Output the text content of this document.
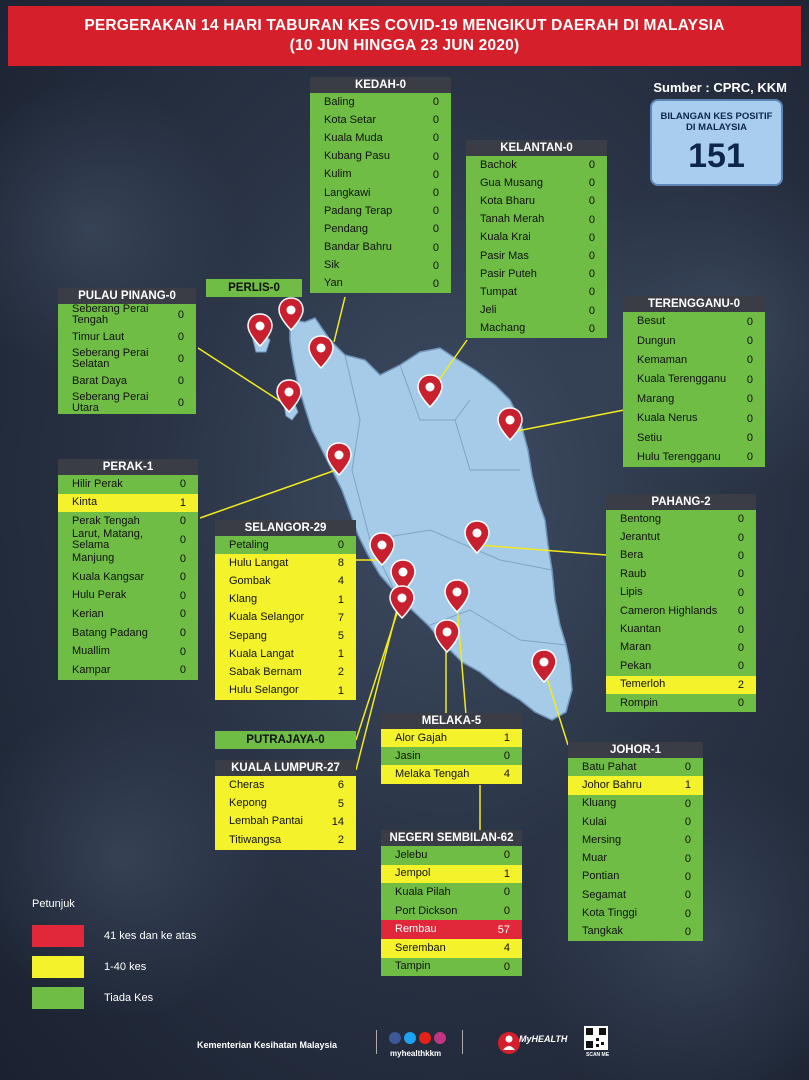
PERGERAKAN 14 HARI TABURAN KES COVID-19 MENGIKUT DAERAH DI MALAYSIA
(10 JUN HINGGA 23 JUN 2020)
Sumber : CPRC, KKM
BILANGAN KES POSITIF DI MALAYSIA
151
KEDAH-0
Baling	0
Kota Setar	0
Kuala Muda	0
Kubang Pasu	0
Kulim	0
Langkawi	0
Padang Terap	0
Pendang	0
Bandar Bahru	0
Sik	0
Yan	0
KELANTAN-0
Bachok	0
Gua Musang	0
Kota Bharu	0
Tanah Merah	0
Kuala Krai	0
Pasir Mas	0
Pasir Puteh	0
Tumpat	0
Jeli	0
Machang	0
PERLIS-0
PULAU PINANG-0
Seberang Perai Tengah	0
Timur Laut	0
Seberang Perai Selatan	0
Barat Daya	0
Seberang Perai Utara	0
TERENGGANU-0
Besut	0
Dungun	0
Kemaman	0
Kuala Terengganu	0
Marang	0
Kuala Nerus	0
Setiu	0
Hulu Terengganu	0
PERAK-1
Hilir Perak	0
Kinta	1
Perak Tengah	0
Larut, Matang, Selama	0
Manjung	0
Kuala Kangsar	0
Hulu Perak	0
Kerian	0
Batang Padang	0
Muallim	0
Kampar	0
SELANGOR-29
Petaling	0
Hulu Langat	8
Gombak	4
Klang	1
Kuala Selangor	7
Sepang	5
Kuala Langat	1
Sabak Bernam	2
Hulu Selangor	1
PAHANG-2
Bentong	0
Jerantut	0
Bera	0
Raub	0
Lipis	0
Cameron Highlands	0
Kuantan	0
Maran	0
Pekan	0
Temerloh	2
Rompin	0
PUTRAJAYA-0
MELAKA-5
Alor Gajah	1
Jasin	0
Melaka Tengah	4
KUALA LUMPUR-27
Cheras	6
Kepong	5
Lembah Pantai	14
Titiwangsa	2
JOHOR-1
Batu Pahat	0
Johor Bahru	1
Kluang	0
Kulai	0
Mersing	0
Muar	0
Pontian	0
Segamat	0
Kota Tinggi	0
Tangkak	0
NEGERI SEMBILAN-62
Jelebu	0
Jempol	1
Kuala Pilah	0
Port Dickson	0
Rembau	57
Seremban	4
Tampin	0
Petunjuk
41 kes dan ke atas
1-40 kes
Tiada Kes
Kementerian Kesihatan Malaysia
myhealthkkm
MyHEALTH
SCAN ME
